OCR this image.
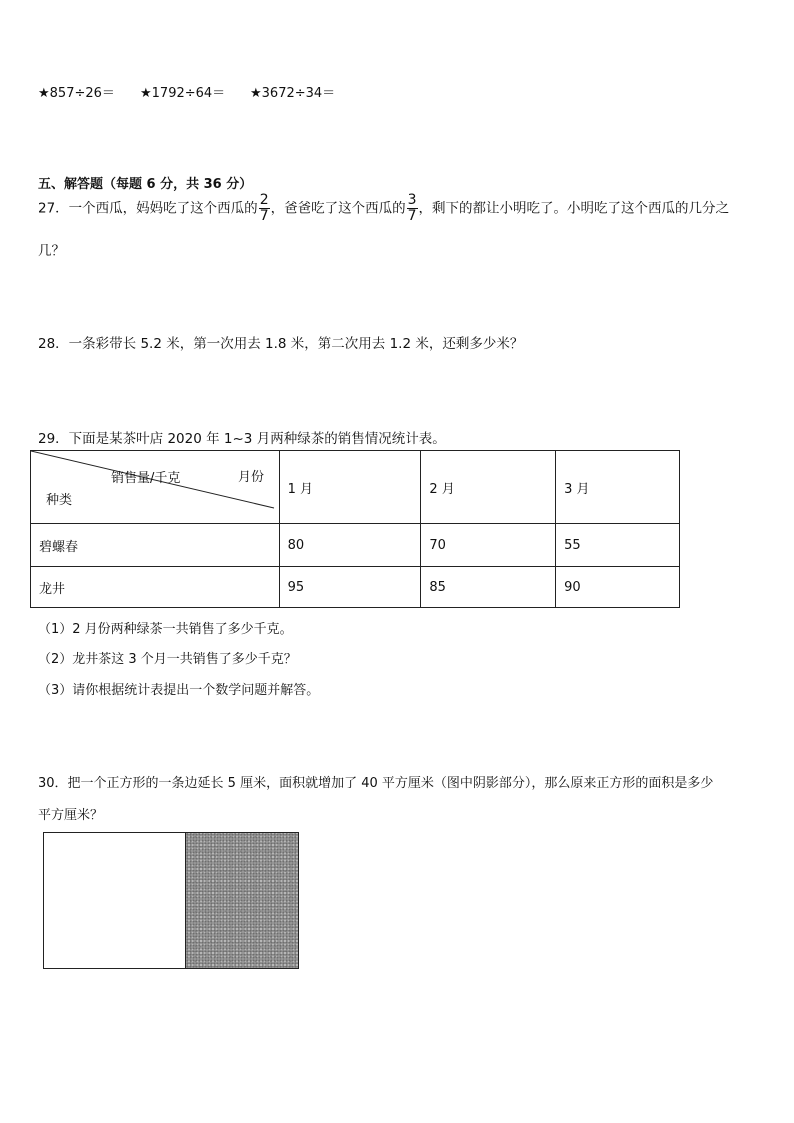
★857÷26＝ ★1792÷64＝ ★3672÷34＝
五、解答题（每题 6 分，共 36 分）
27．一个西瓜，妈妈吃了这个西瓜的 $\frac{2}{7}$ ，爸爸吃了这个西瓜的 $\frac{3}{7}$ ，剩下的都让小明吃了。小明吃了这个西瓜的几分之
几？
28．一条彩带长 5.2 米，第一次用去 1.8 米，第二次用去 1.2 米，还剩多少米？
29．下面是某茶叶店 2020 年 1~3 月两种绿茶的销售情况统计表。
销售量/千克 月份
种类	1 月	2 月	3 月
碧螺春	80	70	55
龙井	95	85	90
（1）2 月份两种绿茶一共销售了多少千克。
（2）龙井茶这 3 个月一共销售了多少千克？
（3）请你根据统计表提出一个数学问题并解答。
30．把一个正方形的一条边延长 5 厘米，面积就增加了 40 平方厘米（图中阴影部分），那么原来正方形的面积是多少
平方厘米？
